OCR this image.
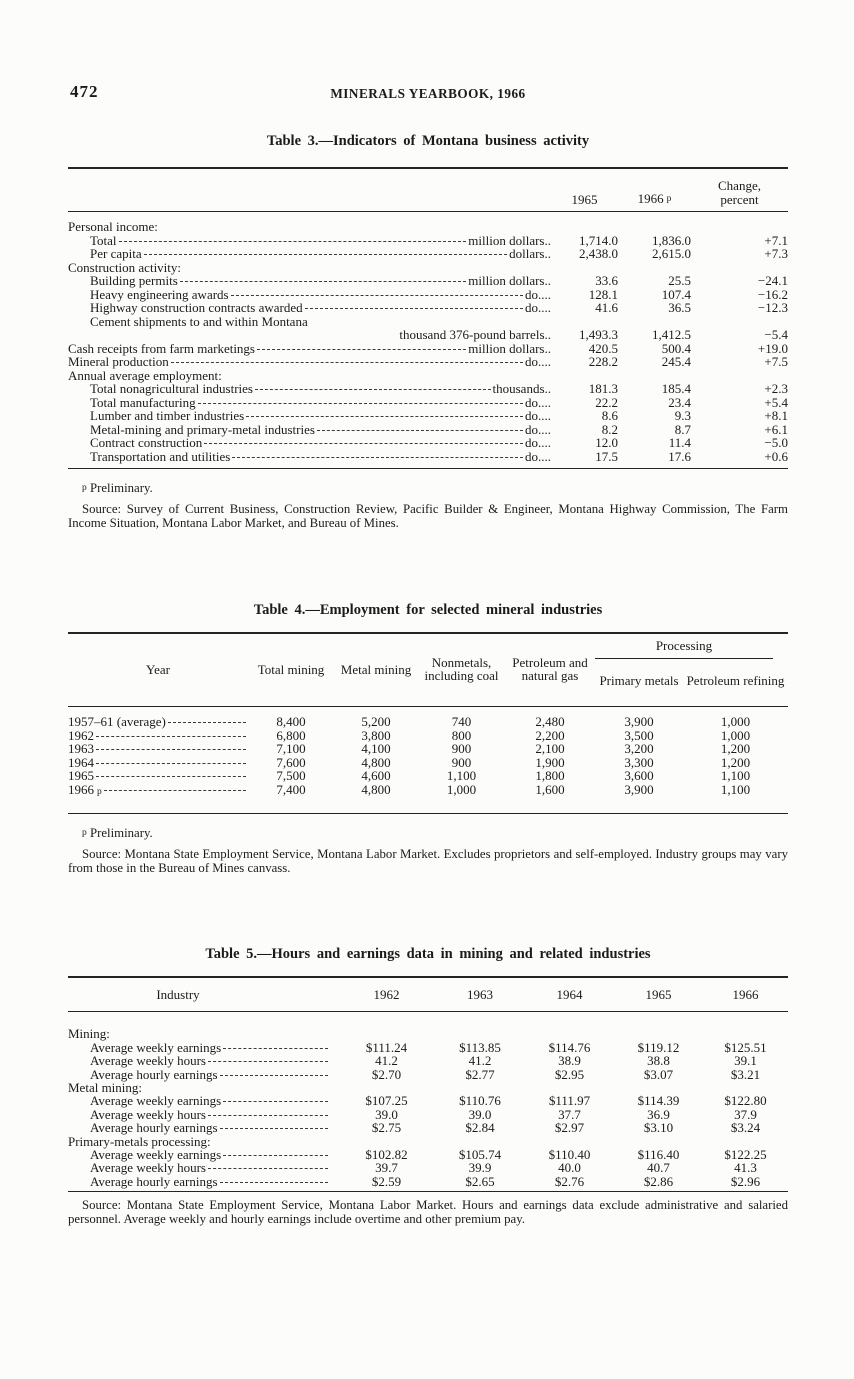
472	MINERALS YEARBOOK, 1966
Table 3.—Indicators of Montana business activity
1965	1966 $^p$
Change,
percent
Personal income:
Total	million dollars..	1,714.0	1,836.0	+7.1
Per capita	dollars..	2,438.0	2,615.0	+7.3
Construction activity:
Building permits	million dollars..	33.6	25.5	−24.1
Heavy engineering awards	do....	128.1	107.4	−16.2
Highway construction contracts awarded	do....	41.6	36.5	−12.3
Cement shipments to and within Montana
thousand 376-pound barrels..	1,493.3	1,412.5	−5.4
Cash receipts from farm marketings	million dollars..	420.5	500.4	+19.0
Mineral production	do....	228.2	245.4	+7.5
Annual average employment:
Total nonagricultural industries	thousands..	181.3	185.4	+2.3
Total manufacturing	do....	22.2	23.4	+5.4
Lumber and timber industries	do....	8.6	9.3	+8.1
Metal-mining and primary-metal industries	do....	8.2	8.7	+6.1
Contract construction	do....	12.0	11.4	−5.0
Transportation and utilities	do....	17.5	17.6	+0.6

$^p$ Preliminary.

Source: Survey of Current Business, Construction Review, Pacific Builder & Engineer, Montana Highway Commission, The Farm Income Situation, Montana Labor Market, and Bureau of Mines.

Table 4.—Employment for selected mineral industries
Year	Total mining	Metal mining	Nonmetals, including coal
Petroleum and natural gas
Processing
Primary metals Petroleum refining
1957–61 (average)	8,400	5,200	740	2,480	3,900	1,000
1962	6,800	3,800	800	2,200	3,500	1,000
1963	7,100	4,100	900	2,100	3,200	1,200
1964	7,600	4,800	900	1,900	3,300	1,200
1965	7,500	4,600	1,100	1,800	3,600	1,100
1966 p	7,400	4,800	1,000	1,600	3,900	1,100

$^p$ Preliminary.

Source: Montana State Employment Service, Montana Labor Market. Excludes proprietors and self-employed. Industry groups may vary from those in the Bureau of Mines canvass.

Table 5.—Hours and earnings data in mining and related industries
Industry	1962	1963	1964	1965	1966
Mining:
Average weekly earnings	$111.24	$113.85	$114.76	$119.12	$125.51
Average weekly hours	41.2	41.2	38.9	38.8	39.1
Average hourly earnings	$2.70	$2.77	$2.95	$3.07	$3.21
Metal mining:
Average weekly earnings	$107.25	$110.76	$111.97	$114.39	$122.80
Average weekly hours	39.0	39.0	37.7	36.9	37.9
Average hourly earnings	$2.75	$2.84	$2.97	$3.10	$3.24
Primary-metals processing:
Average weekly earnings	$102.82	$105.74	$110.40	$116.40	$122.25
Average weekly hours	39.7	39.9	40.0	40.7	41.3
Average hourly earnings	$2.59	$2.65	$2.76	$2.86	$2.96

Source: Montana State Employment Service, Montana Labor Market. Hours and earnings data exclude administrative and salaried personnel. Average weekly and hourly earnings include overtime and other premium pay.
